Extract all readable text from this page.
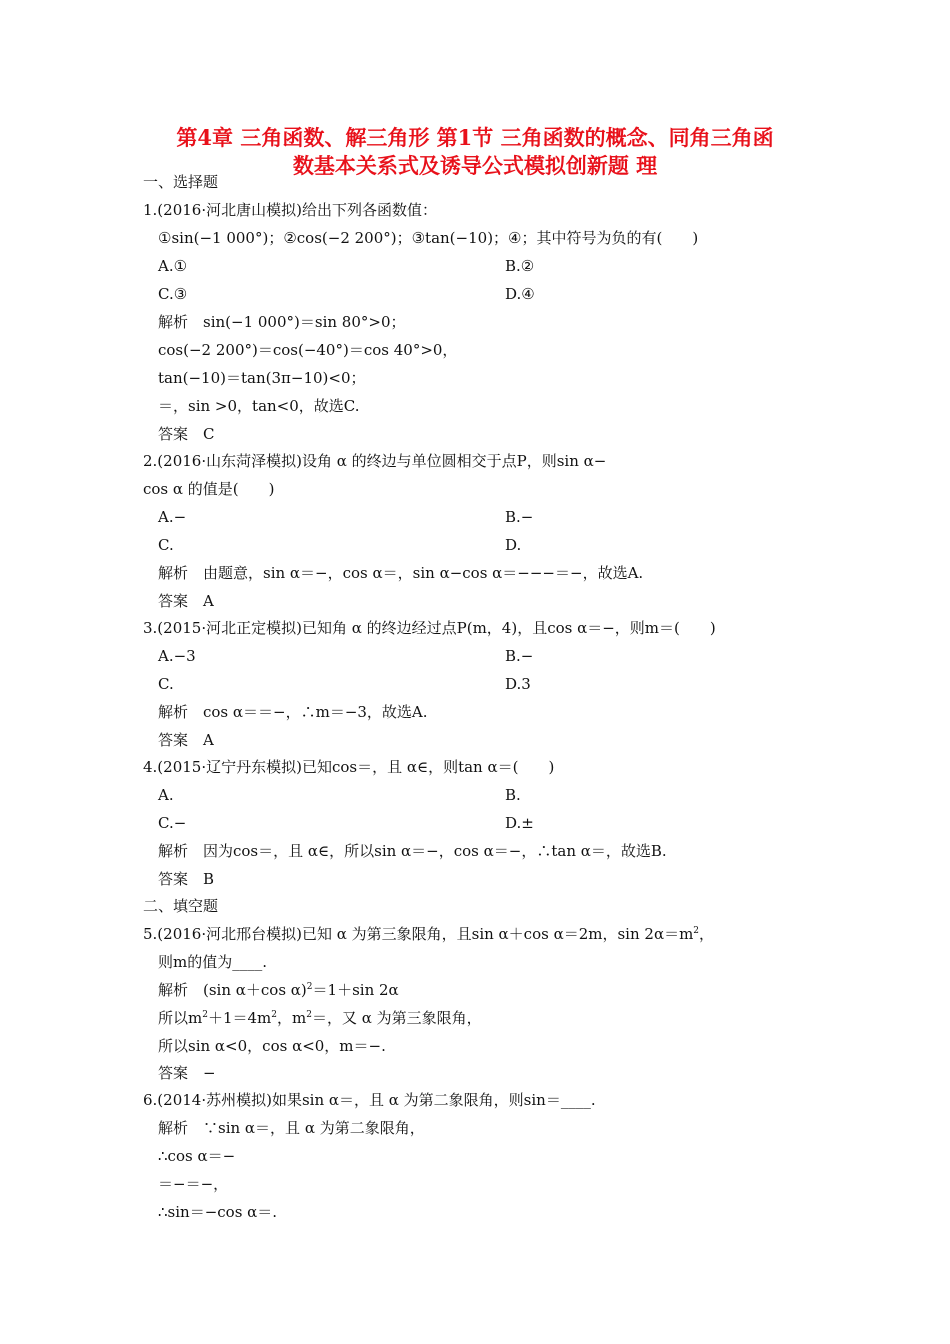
第4章 三角函数、解三角形 第1节 三角函数的概念、同角三角函
数基本关系式及诱导公式模拟创新题 理
一、选择题
1.(2016·河北唐山模拟)给出下列各函数值：
①sin(−1 000°)；②cos(−2 200°)；③tan(−10)；④；其中符号为负的有(　　)
A.①	B.②
C.③	D.④
解析　sin(−1 000°)＝sin 80°>0；
cos(−2 200°)＝cos(−40°)＝cos 40°>0，
tan(−10)＝tan(3π−10)<0；
＝，sin >0，tan<0，故选C.
答案　C
2.(2016·山东菏泽模拟)设角 α 的终边与单位圆相交于点P，则sin α−
cos α 的值是(　　)
A.−	B.−
C.	D.
解析　由题意，sin α＝−，cos α＝，sin α−cos α＝−−−＝−，故选A.
答案　A
3.(2015·河北正定模拟)已知角 α 的终边经过点P(m，4)，且cos α＝−，则m＝(　　)
A.−3	B.−
C.	D.3
解析　cos α＝＝−，∴m＝−3，故选A.
答案　A
4.(2015·辽宁丹东模拟)已知cos＝，且 α∈，则tan α＝(　　)
A.	B.
C.−	D.±
解析　因为cos＝，且 α∈，所以sin α＝−，cos α＝−，∴tan α＝，故选B.
答案　B
二、填空题
5.(2016·河北邢台模拟)已知 α 为第三象限角，且sin α＋cos α＝2m，$\sin 2\alpha=m^2$，
则m的值为____.
解析　(sin α＋cos α)$^2$＝1＋sin 2α
所以$m^2+1=4m^2$，$m^2=$，又 α 为第三象限角，
所以sin α<0，cos α<0，m＝−.
答案　−
6.(2014·苏州模拟)如果sin α＝，且 α 为第二象限角，则sin＝____.
解析　∵sin α＝，且 α 为第二象限角，
∴cos α＝−
＝−＝−，
∴sin＝−cos α＝.
